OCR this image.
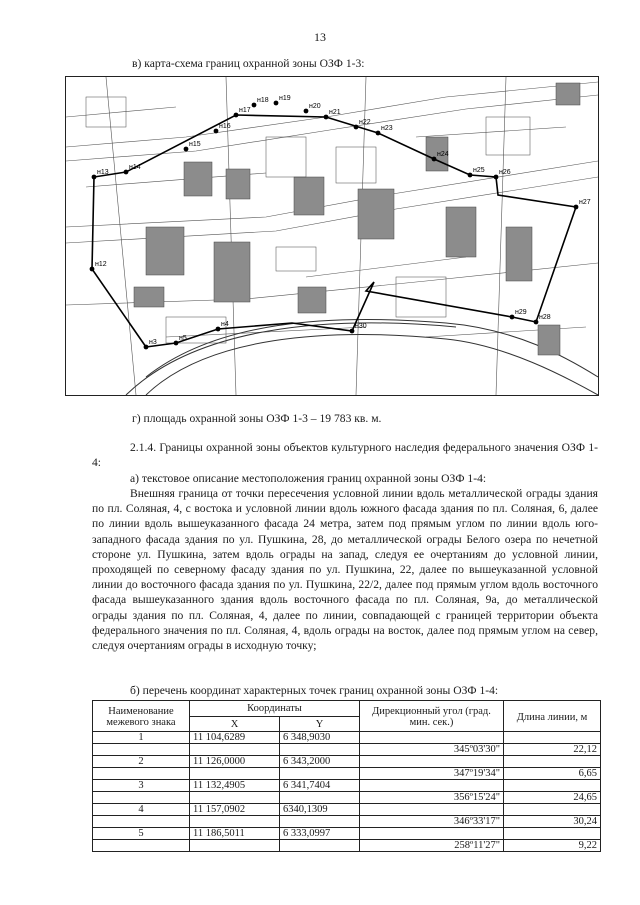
13
в) карта-схема границ охранной зоны ОЗФ 1-3:
н12
н13
н14
н15
н16
н17
н18 н19
н20
н21
н22
н23
н24
н25 н26
н27
н28
н29
н30
н4
н5
н3
г) площадь охранной зоны ОЗФ 1-3 – 19 783 кв. м.
2.1.4. Границы охранной зоны объектов культурного наследия федерального значения ОЗФ 1-4:
а) текстовое описание местоположения границ охранной зоны ОЗФ 1-4:
Внешняя граница от точки пересечения условной линии вдоль металлической ограды здания по пл. Соляная, 4, с востока и условной линии вдоль южного фасада здания по пл. Соляная, 6, далее по линии вдоль вышеуказанного фасада 24 метра, затем под прямым углом по линии вдоль юго-западного фасада здания по ул. Пушкина, 28, до металлической ограды Белого озера по нечетной стороне ул. Пушкина, затем вдоль ограды на запад, следуя ее очертаниям до условной линии, проходящей по северному фасаду здания по ул. Пушкина, 22, далее по вышеуказанной условной линии до восточного фасада здания по ул. Пушкина, 22/2, далее под прямым углом вдоль восточного фасада вышеуказанного здания вдоль восточного фасада по пл. Соляная, 9а, до металлической ограды здания по пл. Соляная, 4, далее по линии, совпадающей с границей территории объекта федерального значения по пл. Соляная, 4, вдоль ограды на восток, далее под прямым углом на север, следуя очертаниям ограды в исходную точку;
б) перечень координат характерных точек границ охранной зоны ОЗФ 1-4:
Наименование межевого знака	Координаты		Дирекционный угол (град. мин. сек.)	Длина линии, м
	X	Y		
1	11 104,6289	6 348,9030		
			345º03'30"	22,12
2	11 126,0000	6 343,2000		
			347º19'34"	6,65
3	11 132,4905	6 341,7404		
			356º15'24"	24,65
4	11 157,0902	6340,1309		
			346º33'17"	30,24
5	11 186,5011	6 333,0997		
			258º11'27"	9,22
